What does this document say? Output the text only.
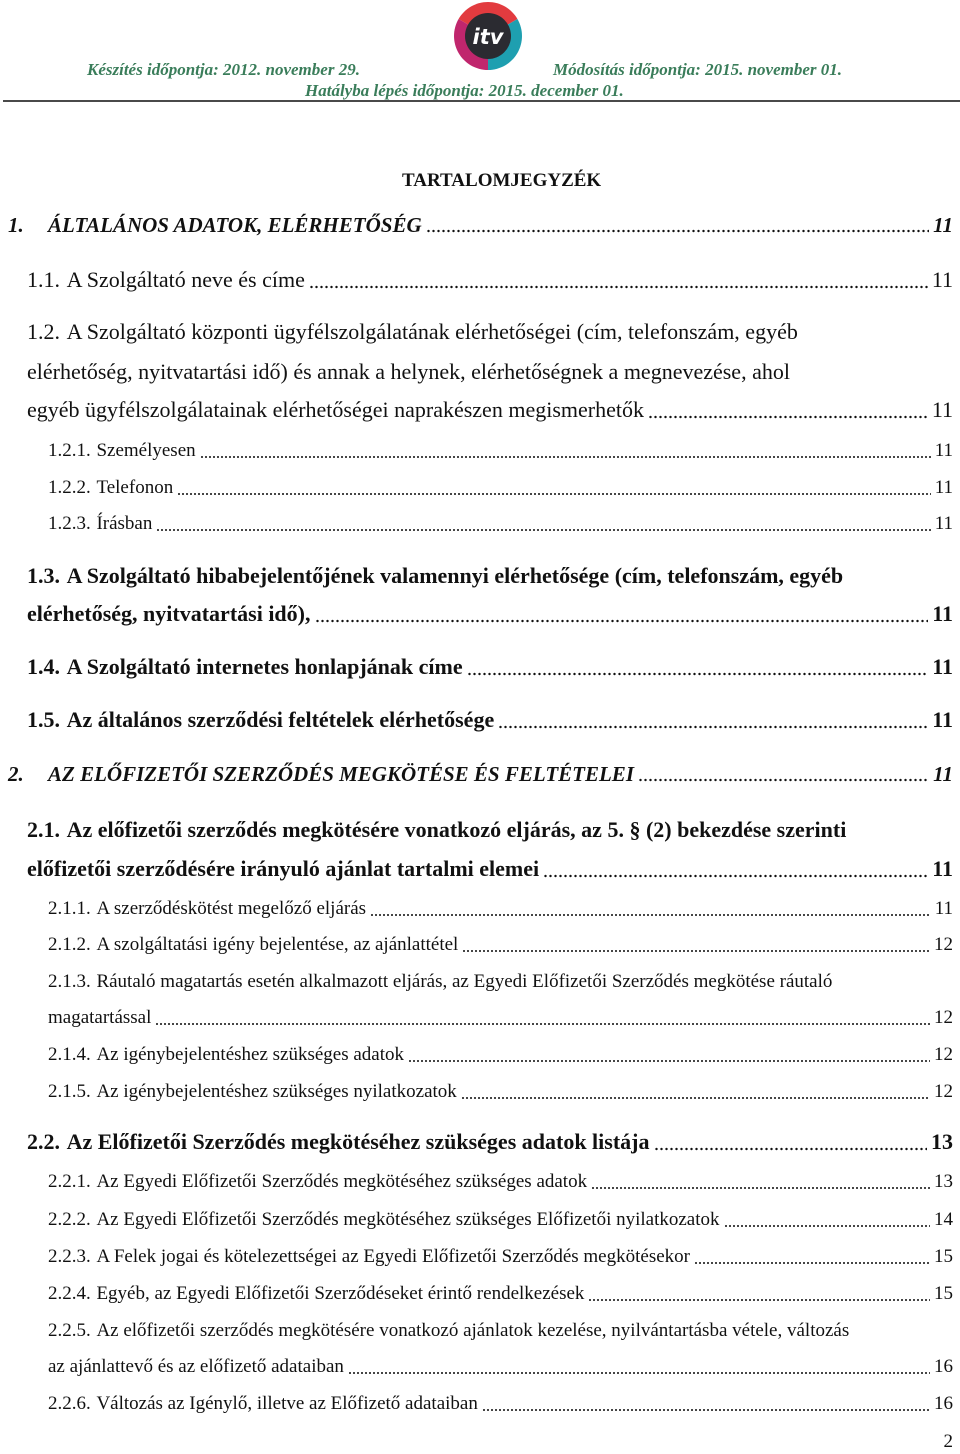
itv
Készítés időpontja: 2012. november 29.	Módosítás időpontja: 2015. november 01.
Hatályba lépés időpontja: 2015. december 01.
TARTALOMJEGYZÉK
1.	ÁLTALÁNOS ADATOK, ELÉRHETŐSÉG	11
1.1. A Szolgáltató neve és címe	11
1.2. A Szolgáltató központi ügyfélszolgálatának elérhetőségei (cím, telefonszám, egyéb
elérhetőség, nyitvatartási idő) és annak a helynek, elérhetőségnek a megnevezése, ahol
egyéb ügyfélszolgálatainak elérhetőségei naprakészen megismerhetők	11
1.2.1. Személyesen	11
1.2.2. Telefonon	11
1.2.3. Írásban	11
1.3. A Szolgáltató hibabejelentőjének valamennyi elérhetősége (cím, telefonszám, egyéb
elérhetőség, nyitvatartási idő),	11
1.4. A Szolgáltató internetes honlapjának címe	11
1.5. Az általános szerződési feltételek elérhetősége	11
2.	AZ ELŐFIZETŐI SZERZŐDÉS MEGKÖTÉSE ÉS FELTÉTELEI	11
2.1. Az előfizetői szerződés megkötésére vonatkozó eljárás, az 5. § (2) bekezdése szerinti
előfizetői szerződésére irányuló ajánlat tartalmi elemei	11
2.1.1. A szerződéskötést megelőző eljárás	11
2.1.2. A szolgáltatási igény bejelentése, az ajánlattétel	12
2.1.3. Ráutaló magatartás esetén alkalmazott eljárás, az Egyedi Előfizetői Szerződés megkötése ráutaló
magatartással	12
2.1.4. Az igénybejelentéshez szükséges adatok	12
2.1.5. Az igénybejelentéshez szükséges nyilatkozatok	12
2.2. Az Előfizetői Szerződés megkötéséhez szükséges adatok listája	13
2.2.1. Az Egyedi Előfizetői Szerződés megkötéséhez szükséges adatok	13
2.2.2. Az Egyedi Előfizetői Szerződés megkötéséhez szükséges Előfizetői nyilatkozatok	14
2.2.3. A Felek jogai és kötelezettségei az Egyedi Előfizetői Szerződés megkötésekor	15
2.2.4. Egyéb, az Egyedi Előfizetői Szerződéseket érintő rendelkezések	15
2.2.5. Az előfizetői szerződés megkötésére vonatkozó ajánlatok kezelése, nyilvántartásba vétele, változás
az ajánlattevő és az előfizető adataiban	16
2.2.6. Változás az Igénylő, illetve az Előfizető adataiban	16
2
